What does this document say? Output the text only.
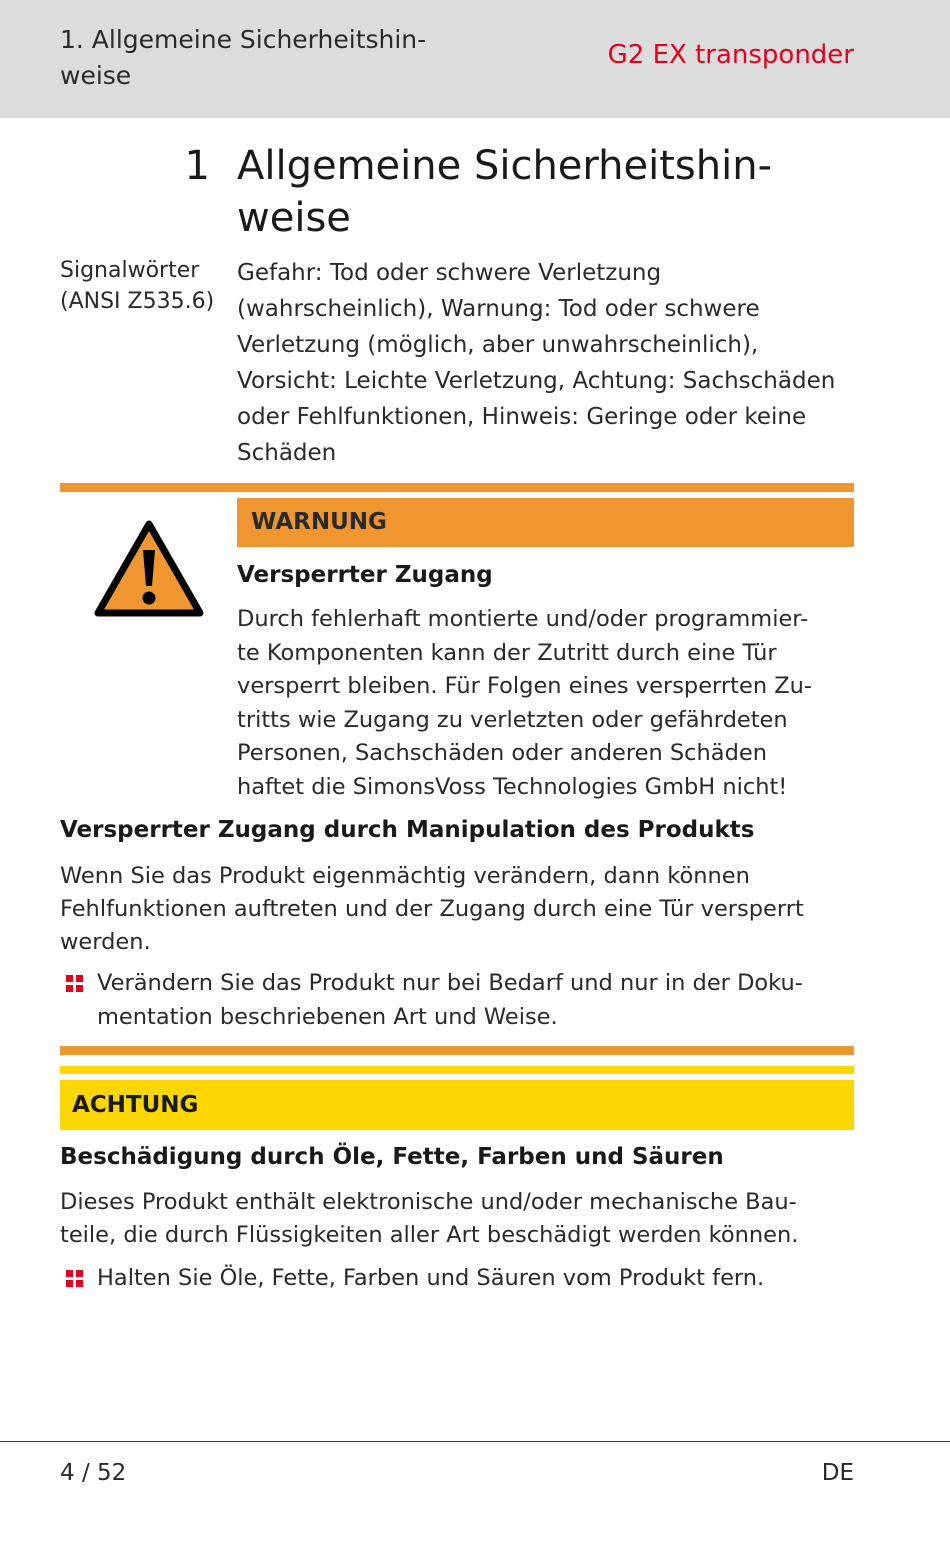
1. Allgemeine Sicherheitshin-
weise
G2 EX transponder
1 Allgemeine Sicherheitshin-
weise
Signalwörter
(ANSI Z535.6)
Gefahr: Tod oder schwere Verletzung (wahrscheinlich), Warnung: Tod oder schwere Verletzung (möglich, aber unwahrscheinlich), Vorsicht: Leichte Verletzung, Achtung: Sachschäden oder Fehlfunktionen, Hinweis: Geringe oder keine Schäden
WARNUNG
Versperrter Zugang
Durch fehlerhaft montierte und/oder programmier-
te Komponenten kann der Zutritt durch eine Tür
versperrt bleiben. Für Folgen eines versperrten Zu-
tritts wie Zugang zu verletzten oder gefährdeten
Personen, Sachschäden oder anderen Schäden
haftet die SimonsVoss Technologies GmbH nicht!
Versperrter Zugang durch Manipulation des Produkts
Wenn Sie das Produkt eigenmächtig verändern, dann können Fehlfunktionen auftreten und der Zugang durch eine Tür versperrt werden.
Verändern Sie das Produkt nur bei Bedarf und nur in der Doku-
mentation beschriebenen Art und Weise.
ACHTUNG
Beschädigung durch Öle, Fette, Farben und Säuren
Dieses Produkt enthält elektronische und/oder mechanische Bau-
teile, die durch Flüssigkeiten aller Art beschädigt werden können.
Halten Sie Öle, Fette, Farben und Säuren vom Produkt fern.
4 / 52	DE
